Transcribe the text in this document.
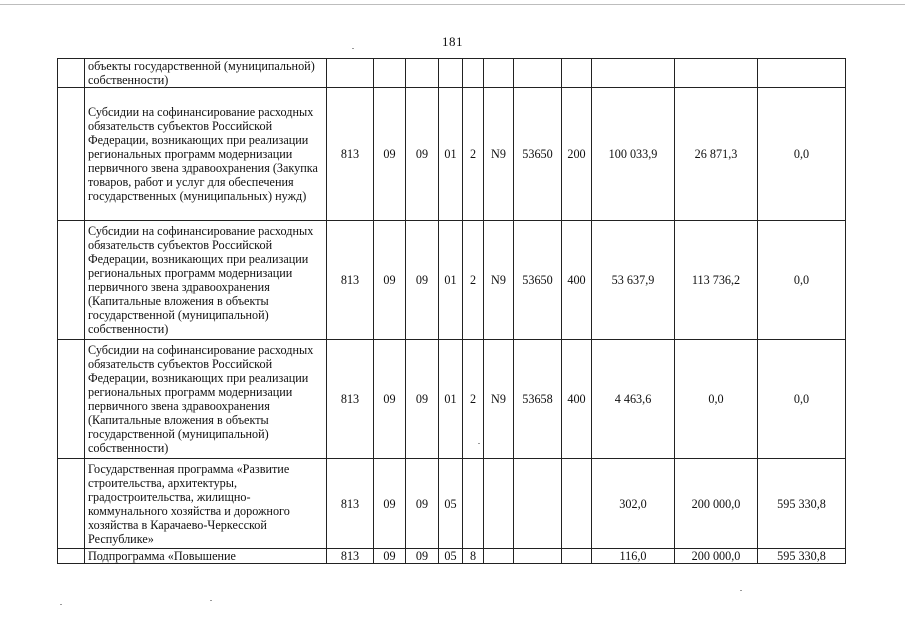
181
	объекты государственной (муниципальной) собственности)											
	Субсидии на софинансирование расходных обязательств субъектов Российской Федерации, возникающих при реализации региональных программ модернизации первичного звена здравоохранения (Закупка товаров, работ и услуг для обеспечения государственных (муниципальных) нужд)	813	09	09	01	2	N9	53650	200	100 033,9	26 871,3	0,0
	Субсидии на софинансирование расходных обязательств субъектов Российской Федерации, возникающих при реализации региональных программ модернизации первичного звена здравоохранения (Капитальные вложения в объекты государственной (муниципальной) собственности)	813	09	09	01	2	N9	53650	400	53 637,9	113 736,2	0,0
	Субсидии на софинансирование расходных обязательств субъектов Российской Федерации, возникающих при реализации региональных программ модернизации первичного звена здравоохранения (Капитальные вложения в объекты государственной (муниципальной) собственности)	813	09	09	01	2	N9	53658	400	4 463,6	0,0	0,0
	Государственная программа «Развитие строительства, архитектуры, градостроительства, жилищно-коммунального хозяйства и дорожного хозяйства в Карачаево-Черкесской Республике»	813	09	09	05					302,0	200 000,0	595 330,8
	Подпрограмма «Повышение	813	09	09	05	8				116,0	200 000,0	595 330,8
